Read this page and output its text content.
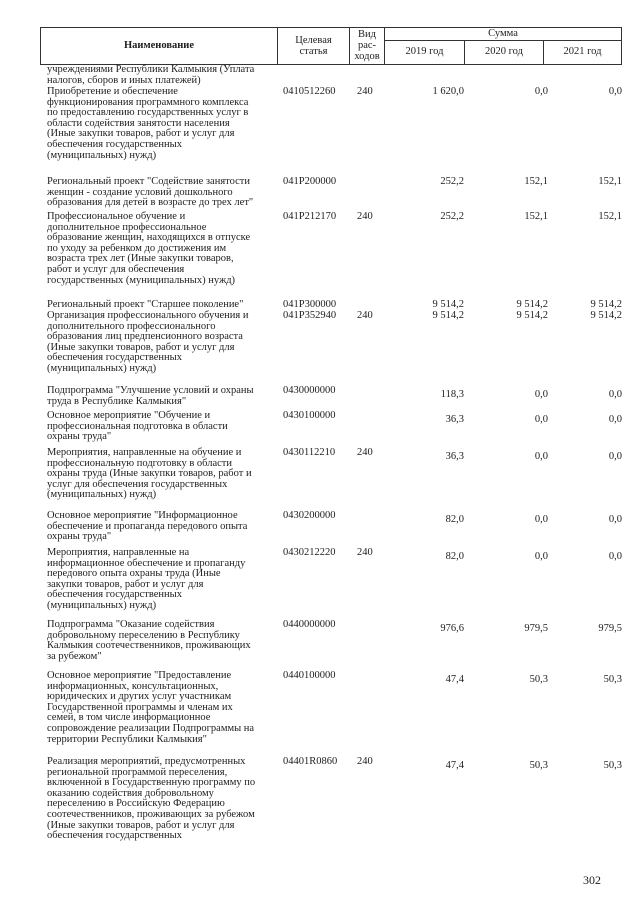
Наименование	Целевая
статья
Вид
рас-
ходов
Сумма
2019 год	2020 год	2021 год
учреждениями Республики Калмыкия (Уплата
налогов, сборов и иных платежей)
Приобретение и обеспечение
функционирования программного комплекса
по предоставлению государственных услуг в
области содействия занятости населения
(Иные закупки товаров, работ и услуг для
обеспечения государственных
(муниципальных) нужд)
0410512260 240	1 620,0	0,0	0,0
Региональный проект "Содействие занятости
женщин - создание условий дошкольного
образования для детей в возрасте до трех лет"
041P200000	252,2	152,1	152,1
Профессиональное обучение и
дополнительное профессиональное
образование женщин, находящихся в отпуске
по уходу за ребенком до достижения им
возраста трех лет (Иные закупки товаров,
работ и услуг для обеспечения
государственных (муниципальных) нужд)
041P212170 240	252,2	152,1	152,1
Региональный проект "Старшее поколение"	041P300000	9 514,2	9 514,2	9 514,2
Организация профессионального обучения и
дополнительного профессионального
образования лиц предпенсионного возраста
(Иные закупки товаров, работ и услуг для
обеспечения государственных
(муниципальных) нужд)
041P352940 240	9 514,2	9 514,2	9 514,2
Подпрограмма "Улучшение условий и охраны
труда в Республике Калмыкия"
0430000000	118,3	0,0	0,0
Основное мероприятие "Обучение и
профессиональная подготовка в области
охраны труда"
0430100000	36,3	0,0	0,0
Мероприятия, направленные на обучение и
профессиональную подготовку в области
охраны труда (Иные закупки товаров, работ и
услуг для обеспечения государственных
(муниципальных) нужд)
0430112210 240	36,3	0,0	0,0
Основное мероприятие "Информационное
обеспечение и пропаганда передового опыта
охраны труда"
0430200000	82,0	0,0	0,0
Мероприятия, направленные на
информационное обеспечение и пропаганду
передового опыта охраны труда (Иные
закупки товаров, работ и услуг для
обеспечения государственных
(муниципальных) нужд)
0430212220 240	82,0	0,0	0,0
Подпрограмма "Оказание содействия
добровольному переселению в Республику
Калмыкия соотечественников, проживающих
за рубежом"
0440000000	976,6	979,5	979,5
Основное мероприятие "Предоставление
информационных, консультационных,
юридических и других услуг участникам
Государственной программы и членам их
семей, в том числе информационное
сопровождение реализации Подпрограммы на
территории Республики Калмыкия"
0440100000	47,4	50,3	50,3
Реализация мероприятий, предусмотренных
региональной программой переселения,
включенной в Государственную программу по
оказанию содействия добровольному
переселению в Российскую Федерацию
соотечественников, проживающих за рубежом
(Иные закупки товаров, работ и услуг для
обеспечения государственных
04401R0860 240	47,4	50,3	50,3
302
